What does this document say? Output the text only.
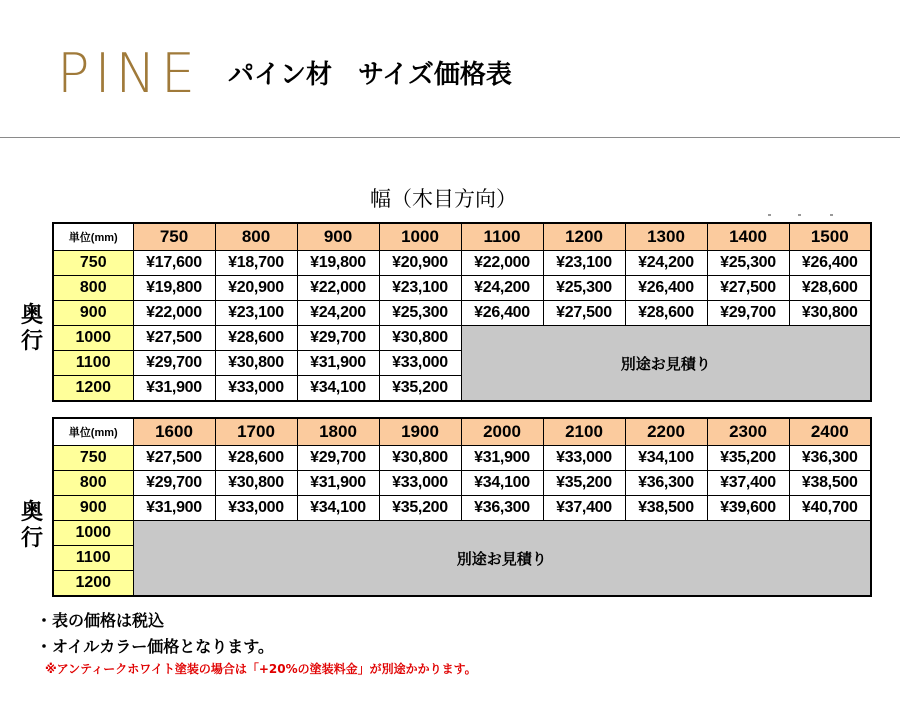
PINE パイン材　サイズ価格表
幅（木目方向）
奥
行
奥
行
単位(mm)	750	800	900	1000	1100	1200	1300	1400	1500
750	¥17,600	¥18,700	¥19,800	¥20,900	¥22,000	¥23,100	¥24,200	¥25,300	¥26,400
800	¥19,800	¥20,900	¥22,000	¥23,100	¥24,200	¥25,300	¥26,400	¥27,500	¥28,600
900	¥22,000	¥23,100	¥24,200	¥25,300	¥26,400	¥27,500	¥28,600	¥29,700	¥30,800
1000	¥27,500	¥28,600	¥29,700	¥30,800	別途お見積り				
1100	¥29,700	¥30,800	¥31,900	¥33,000					
1200	¥31,900	¥33,000	¥34,100	¥35,200					
単位(mm)	1600	1700	1800	1900	2000	2100	2200	2300	2400
750	¥27,500	¥28,600	¥29,700	¥30,800	¥31,900	¥33,000	¥34,100	¥35,200	¥36,300
800	¥29,700	¥30,800	¥31,900	¥33,000	¥34,100	¥35,200	¥36,300	¥37,400	¥38,500
900	¥31,900	¥33,000	¥34,100	¥35,200	¥36,300	¥37,400	¥38,500	¥39,600	¥40,700
1000	別途お見積り								
1100									
1200									
・表の価格は税込
・オイルカラー価格となります。
※アンティークホワイト塗装の場合は「+20%の塗装料金」が別途かかります。
